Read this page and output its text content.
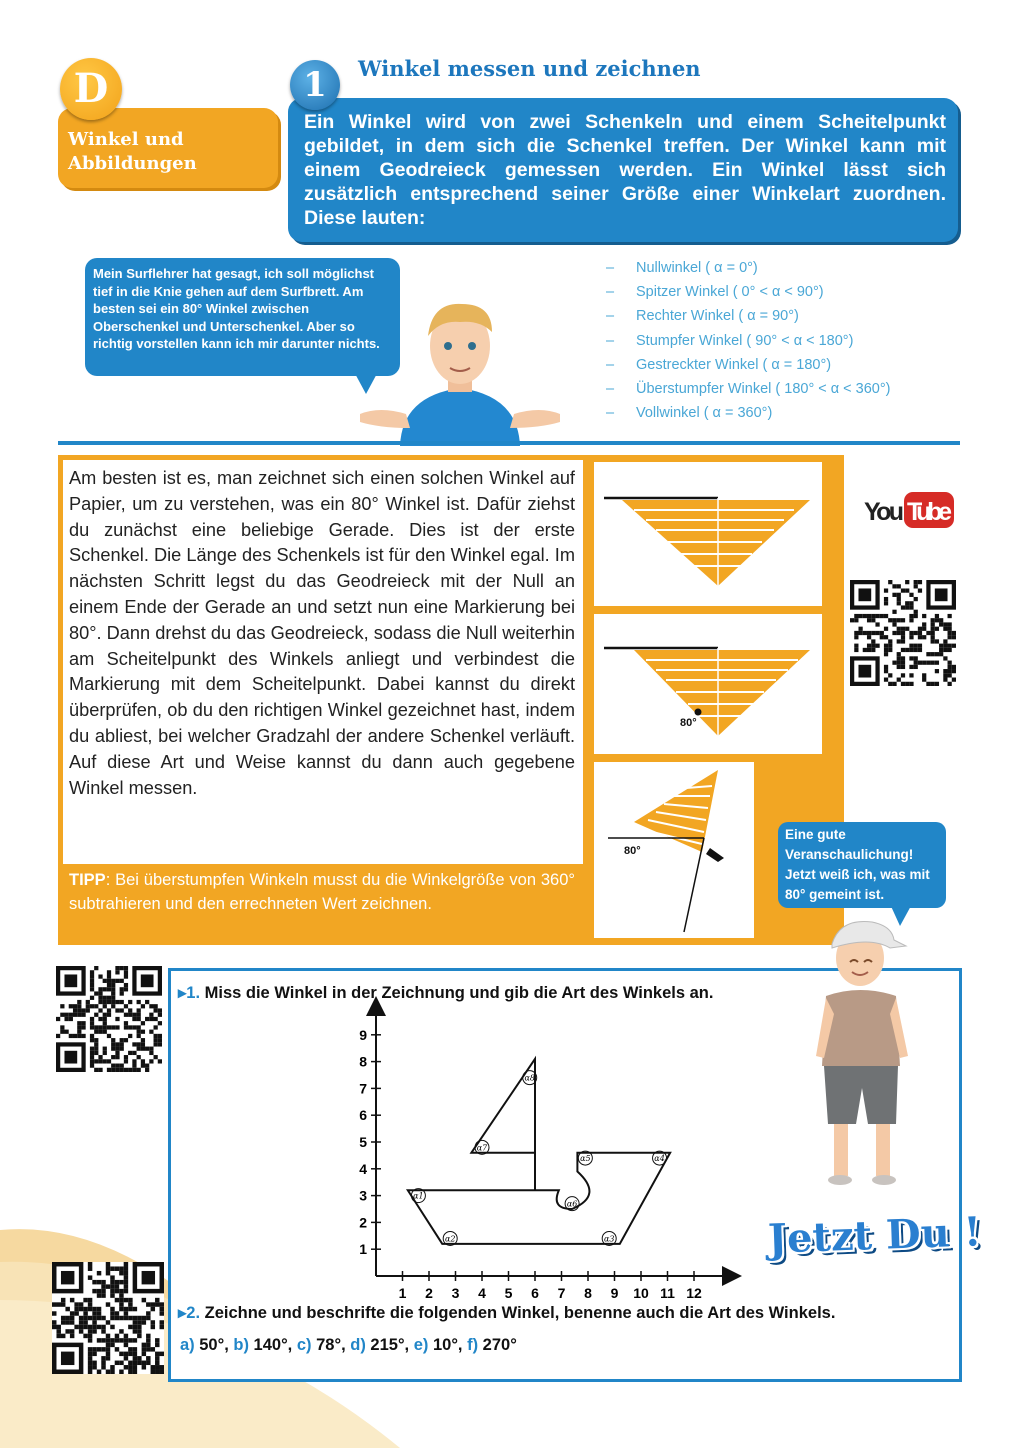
D
Winkel und Abbildungen
1	Winkel messen und zeichnen
Ein Winkel wird von zwei Schenkeln und einem Scheitelpunkt gebildet, in dem sich die Schenkel treffen. Der Winkel kann mit einem Geodreieck gemessen werden. Ein Winkel lässt sich zusätzlich entsprechend seiner Größe einer Winkelart zuordnen. Diese lauten:
Mein Surflehrer hat gesagt, ich soll möglichst tief in die Knie gehen auf dem Surfbrett. Am besten sei ein 80° Winkel zwischen Oberschenkel und Unterschenkel. Aber so richtig vorstellen kann ich mir darunter nichts.
– Nullwinkel ( α = 0°)
– Spitzer Winkel ( 0° < α < 90°)
– Rechter Winkel ( α = 90°)
– Stumpfer Winkel ( 90° < α < 180°)
– Gestreckter Winkel ( α = 180°)
– Überstumpfer Winkel ( 180° < α < 360°)
– Vollwinkel ( α = 360°)
Am besten ist es, man zeichnet sich einen solchen Winkel auf Papier, um zu verstehen, was ein 80° Winkel ist. Dafür ziehst du zunächst eine beliebige Gerade. Dies ist der erste Schenkel. Die Länge des Schenkels ist für den Winkel egal. Im nächsten Schritt legst du das Geodreieck mit der Null an einem Ende der Gerade an und setzt nun eine Markierung bei 80°. Dann drehst du das Geodreieck, sodass die Null weiterhin am Scheitelpunkt des Winkels anliegt und verbindest die Markierung mit dem Scheitelpunkt. Dabei kannst du direkt überprüfen, ob du den richtigen Winkel gezeichnet hast, indem du abliest, bei welcher Gradzahl der andere Schenkel verläuft. Auf diese Art und Weise kannst du dann auch gegebene Winkel messen.
TIPP: Bei überstumpfen Winkeln musst du die Winkelgröße von 360° subtrahieren und den errechneten Wert zeichnen.
80°
80°
You Tube
Eine gute Veranschaulichung! Jetzt weiß ich, was mit 80° gemeint ist.
▸1. Miss die Winkel in der Zeichnung und gib die Art des Winkels an.
1 2 3 4 5 6 7 8 9 10 11 12
1
2
3
4
5
6
7
8
9
α1
α2	α3
α4
α5
α6
α7
α8
▸2. Zeichne und beschrifte die folgenden Winkel, benenne auch die Art des Winkels.
a) 50°, b) 140°, c) 78°, d) 215°, e) 10°, f) 270°
Jetzt Du !
